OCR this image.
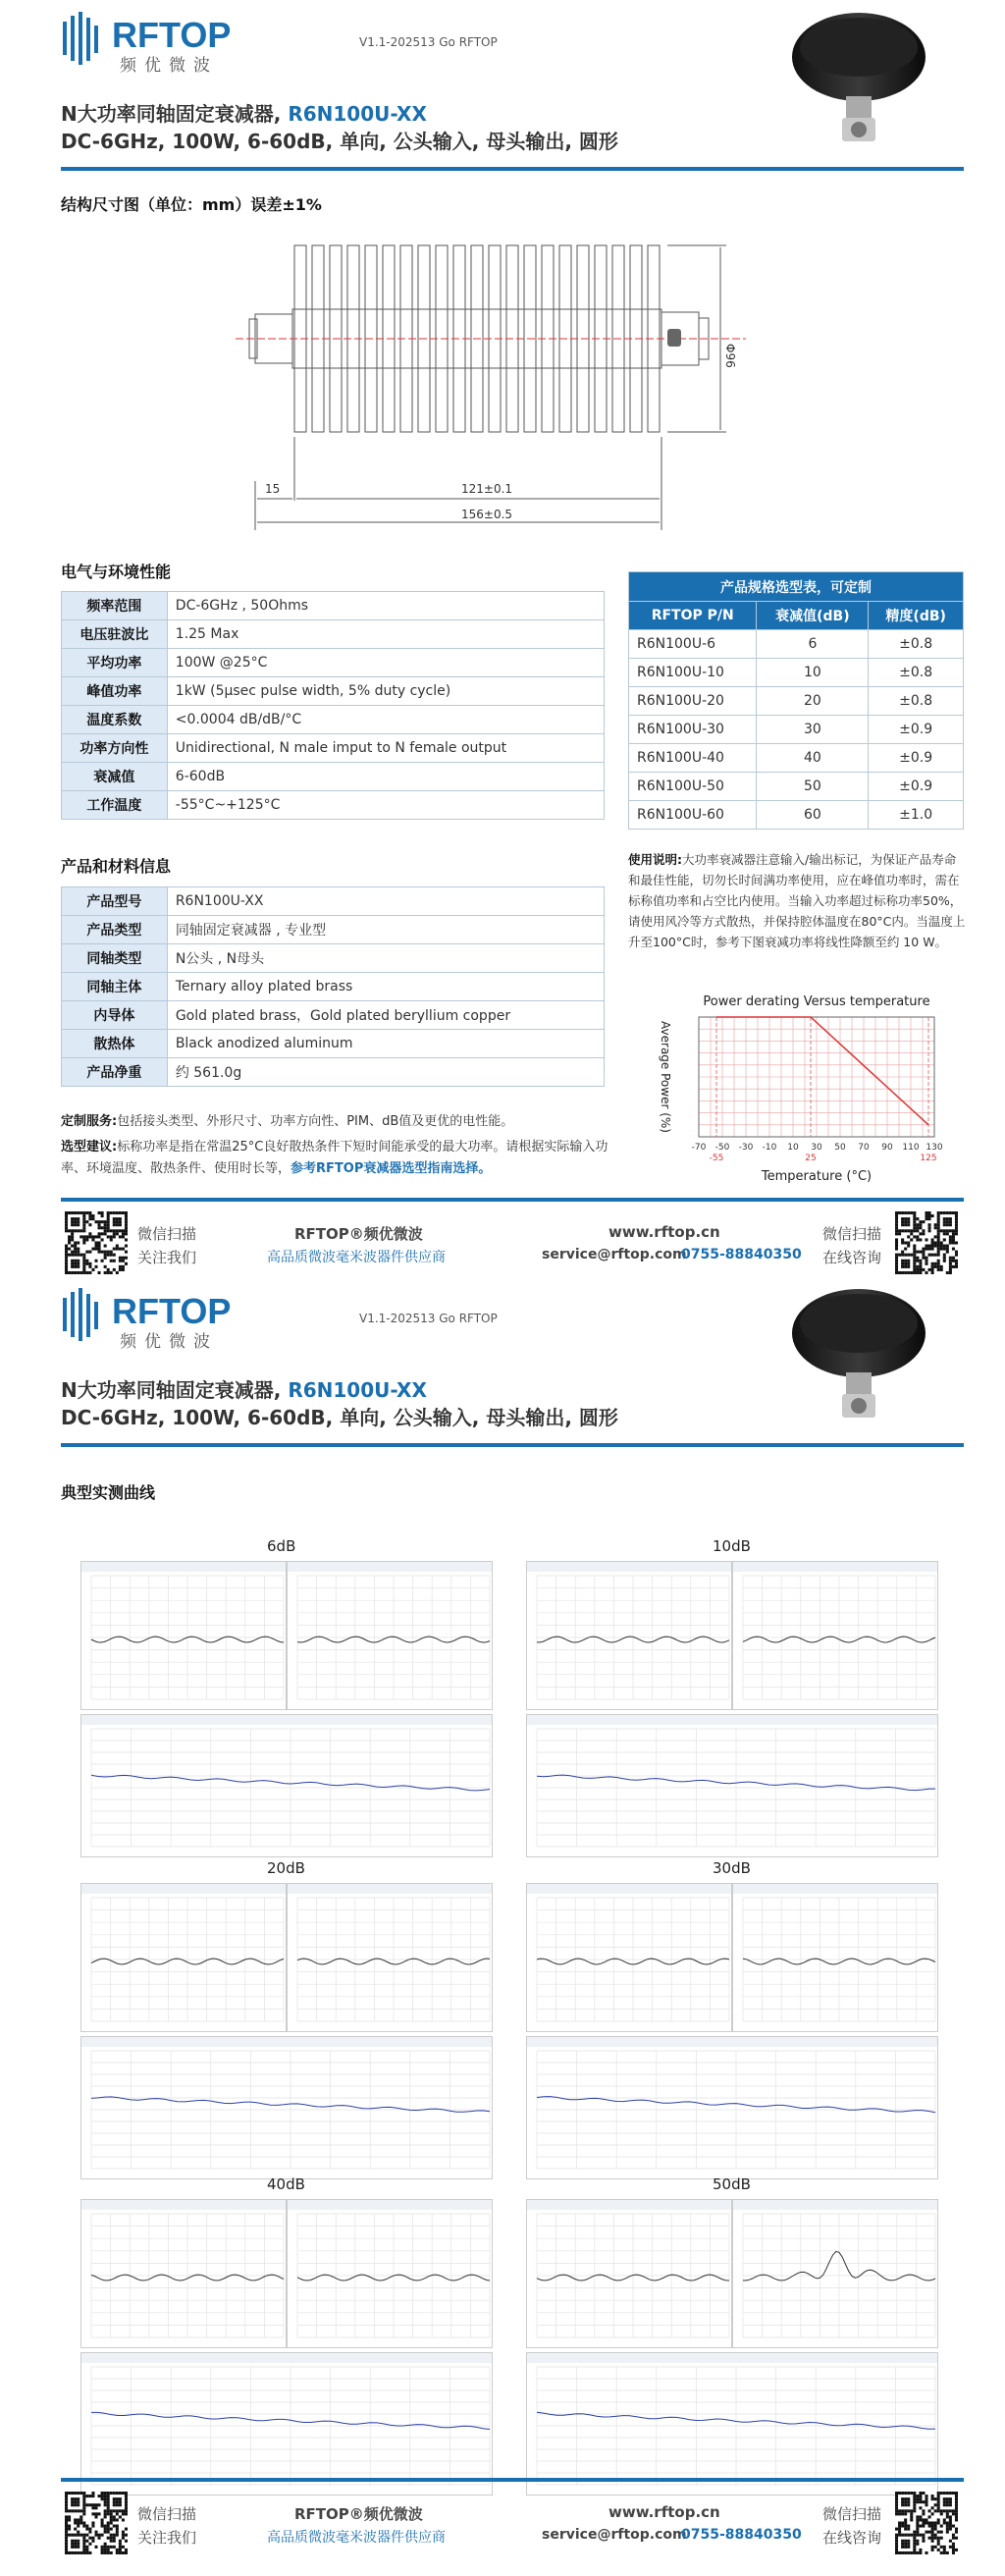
RFTOP
频优微波
V1.1-202513 Go RFTOP
N大功率同轴固定衰减器, R6N100U-XX
DC-6GHz, 100W, 6-60dB, 单向, 公头输入, 母头输出, 圆形
结构尺寸图（单位：mm）误差±1%
15	121±0.1
156±0.5
Φ96
电气与环境性能
频率范围	DC-6GHz , 50Ohms
电压驻波比	1.25 Max
平均功率	100W @25°C
峰值功率	1kW (5μsec pulse width, 5% duty cycle)
温度系数	<0.0004 dB/dB/°C
功率方向性	Unidirectional, N male imput to N female output
衰减值	6-60dB
工作温度	-55°C~+125°C
产品规格选型表，可定制		
RFTOP P/N	衰减值(dB)	精度(dB)
R6N100U-6	6	±0.8
R6N100U-10	10	±0.8
R6N100U-20	20	±0.8
R6N100U-30	30	±0.9
R6N100U-40	40	±0.9
R6N100U-50	50	±0.9
R6N100U-60	60	±1.0
产品和材料信息
产品型号	R6N100U-XX
产品类型	同轴固定衰减器 , 专业型
同轴类型	N公头 , N母头
同轴主体	Ternary alloy plated brass
内导体	Gold plated brass，Gold plated beryllium copper
散热体	Black anodized aluminum
产品净重	约 561.0g
使用说明:大功率衰减器注意输入/输出标记，为保证产品寿命和最佳性能，切勿长时间满功率使用，应在峰值功率时，需在标称值功率和占空比内使用。当输入功率超过标称功率50%，请使用风冷等方式散热，并保持腔体温度在80°C内。当温度上升至100°C时，参考下图衰减功率将线性降额至约 10 W。
Power derating Versus temperature
-55	25	125
-70 -50 -30 -10 10 30 50 70 90 110 130
Temperature (°C)
Average Power (%)
定制服务:包括接头类型、外形尺寸、功率方向性、PIM、dB值及更优的电性能。
选型建议:标称功率是指在常温25°C良好散热条件下短时间能承受的最大功率。请根据实际输入功率、环境温度、散热条件、使用时长等，参考RFTOP衰减器选型指南选择。
微信扫描
关注我们
RFTOP®频优微波
高品质微波毫米波器件供应商
www.rftop.cn
service@rftop.com
0755-88840350
微信扫描
在线咨询
RFTOP
频优微波
V1.1-202513 Go RFTOP
N大功率同轴固定衰减器, R6N100U-XX
DC-6GHz, 100W, 6-60dB, 单向, 公头输入, 母头输出, 圆形
典型实测曲线
6dB	10dB
20dB	30dB
40dB	50dB
微信扫描
关注我们
RFTOP®频优微波
高品质微波毫米波器件供应商
www.rftop.cn
service@rftop.com
0755-88840350
微信扫描
在线咨询
